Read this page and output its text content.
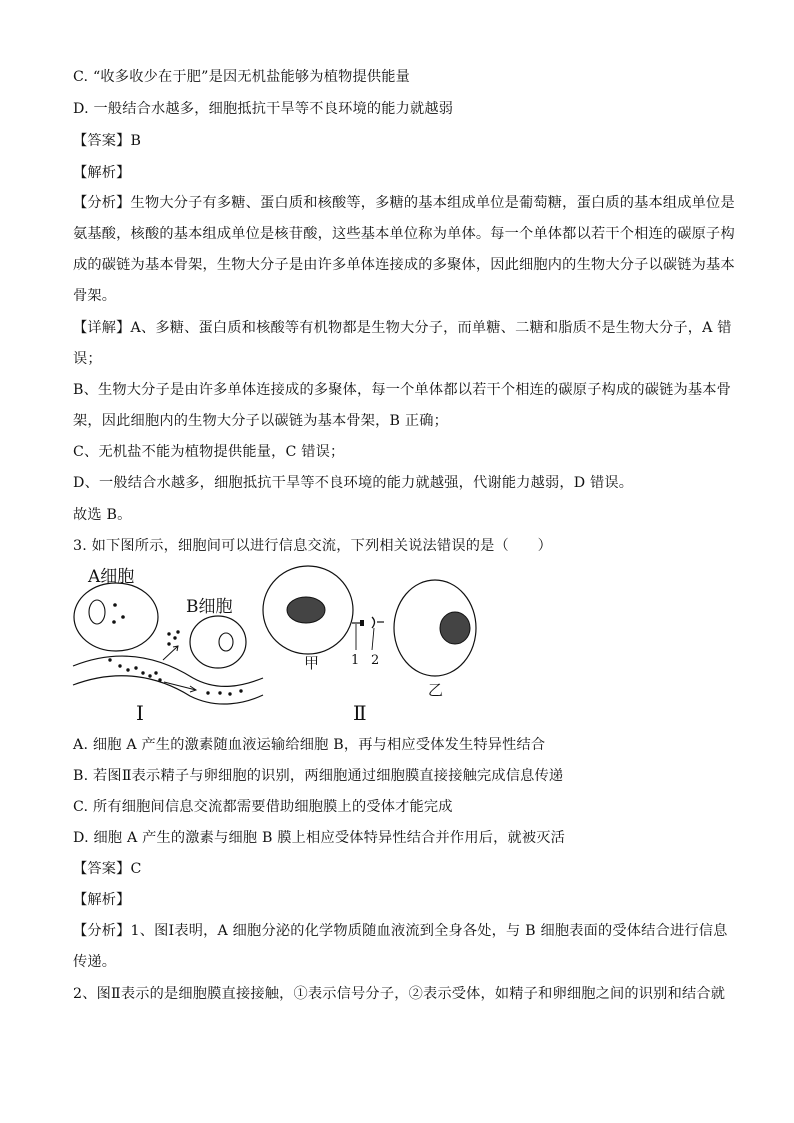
C. “收多收少在于肥”是因无机盐能够为植物提供能量
D. 一般结合水越多，细胞抵抗干旱等不良环境的能力就越弱
【答案】B
【解析】
【分析】生物大分子有多糖、蛋白质和核酸等，多糖的基本组成单位是葡萄糖，蛋白质的基本组成单位是
氨基酸，核酸的基本组成单位是核苷酸，这些基本单位称为单体。每一个单体都以若干个相连的碳原子构
成的碳链为基本骨架，生物大分子是由许多单体连接成的多聚体，因此细胞内的生物大分子以碳链为基本
骨架。
【详解】A、多糖、蛋白质和核酸等有机物都是生物大分子，而单糖、二糖和脂质不是生物大分子，A 错
误；
B、生物大分子是由许多单体连接成的多聚体，每一个单体都以若干个相连的碳原子构成的碳链为基本骨
架，因此细胞内的生物大分子以碳链为基本骨架，B 正确；
C、无机盐不能为植物提供能量，C 错误；
D、一般结合水越多，细胞抵抗干旱等不良环境的能力就越强，代谢能力越弱，D 错误。
故选 B。
3. 如下图所示，细胞间可以进行信息交流，下列相关说法错误的是（　　）
A细胞
B细胞
Ⅰ
甲 1 2
乙
Ⅱ
A. 细胞 A 产生的激素随血液运输给细胞 B，再与相应受体发生特异性结合
B. 若图Ⅱ表示精子与卵细胞的识别，两细胞通过细胞膜直接接触完成信息传递
C. 所有细胞间信息交流都需要借助细胞膜上的受体才能完成
D. 细胞 A 产生的激素与细胞 B 膜上相应受体特异性结合并作用后，就被灭活
【答案】C
【解析】
【分析】1、图Ⅰ表明，A 细胞分泌的化学物质随血液流到全身各处，与 B 细胞表面的受体结合进行信息
传递。
2、图Ⅱ表示的是细胞膜直接接触，①表示信号分子，②表示受体，如精子和卵细胞之间的识别和结合就
